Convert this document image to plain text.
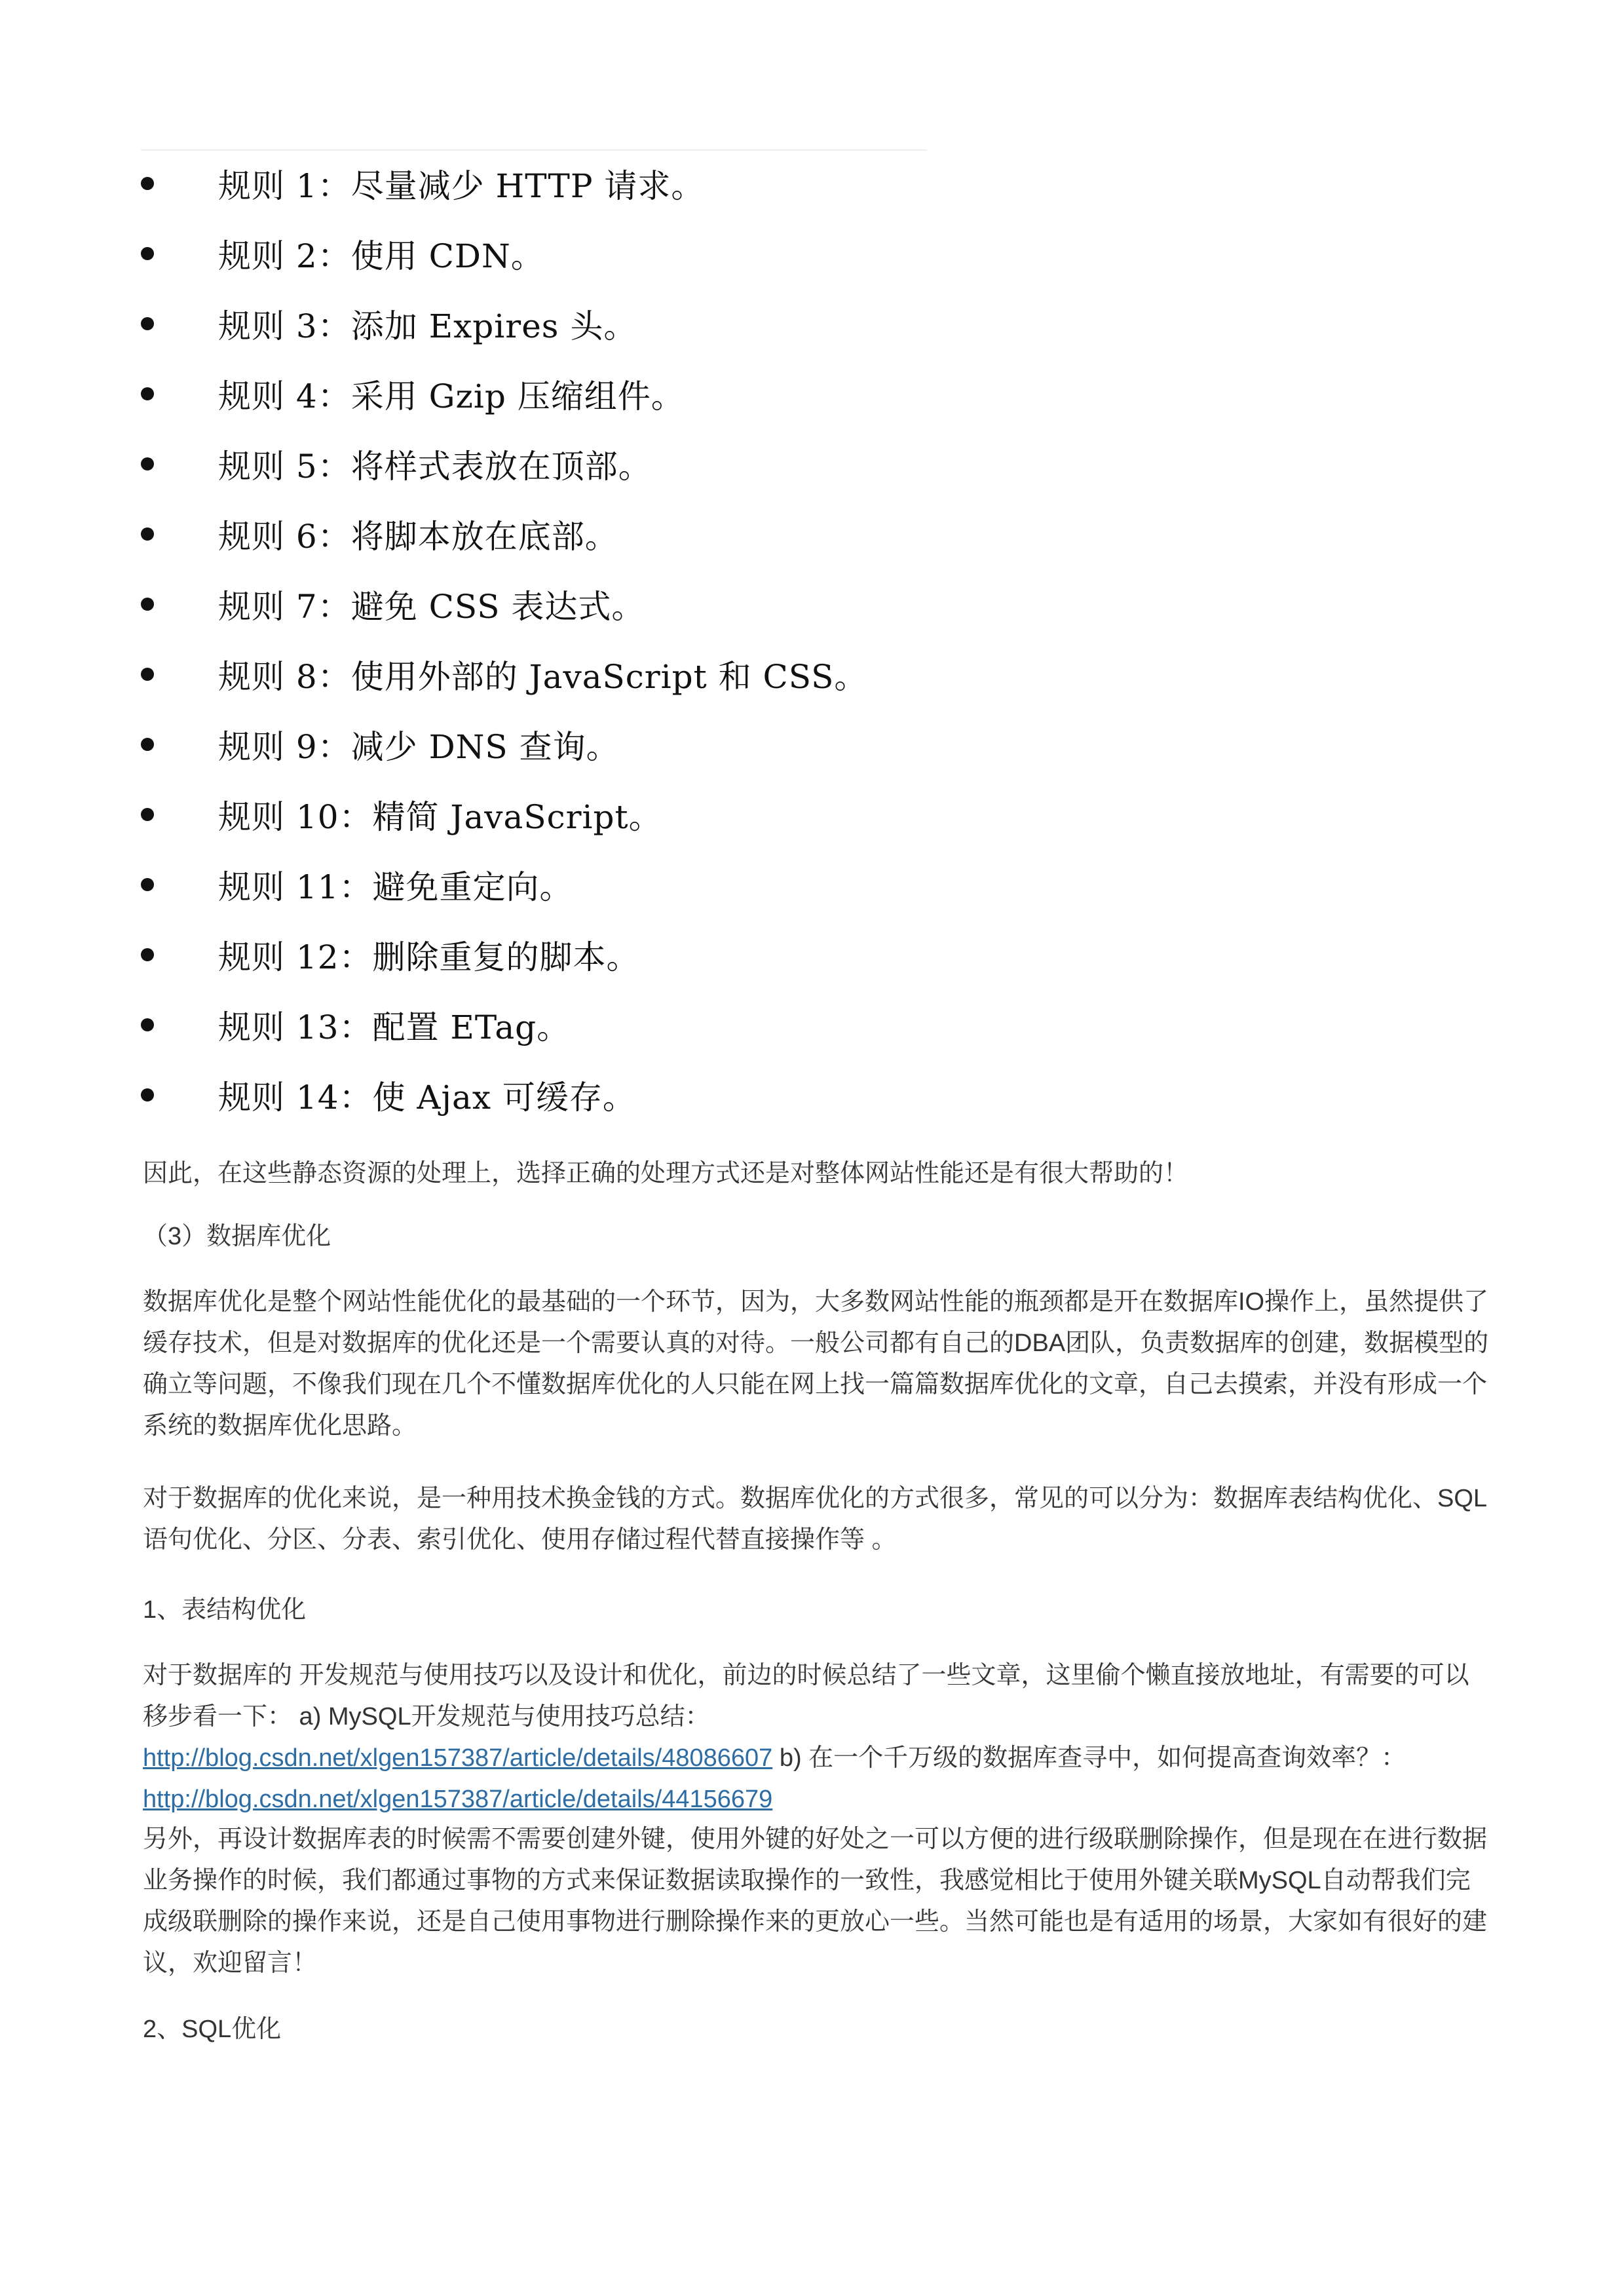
规则 1：尽量减少 HTTP 请求。
规则 2：使用 CDN。
规则 3：添加 Expires 头。
规则 4：采用 Gzip 压缩组件。
规则 5：将样式表放在顶部。
规则 6：将脚本放在底部。
规则 7：避免 CSS 表达式。
规则 8：使用外部的 JavaScript 和 CSS。
规则 9：减少 DNS 查询。
规则 10：精简 JavaScript。
规则 11：避免重定向。
规则 12：删除重复的脚本。
规则 13：配置 ETag。
规则 14：使 Ajax 可缓存。

因此，在这些静态资源的处理上，选择正确的处理方式还是对整体网站性能还是有很大帮助的！

（3）数据库优化

数据库优化是整个网站性能优化的最基础的一个环节，因为，大多数网站性能的瓶颈都是开在数据库IO操作上，虽然提供了缓存技术，但是对数据库的优化还是一个需要认真的对待。一般公司都有自己的DBA团队，负责数据库的创建，数据模型的确立等问题，不像我们现在几个不懂数据库优化的人只能在网上找一篇篇数据库优化的文章，自己去摸索，并没有形成一个系统的数据库优化思路。

对于数据库的优化来说，是一种用技术换金钱的方式。数据库优化的方式很多，常见的可以分为：数据库表结构优化、SQL语句优化、分区、分表、索引优化、使用存储过程代替直接操作等 。

1、表结构优化

对于数据库的 开发规范与使用技巧以及设计和优化，前边的时候总结了一些文章，这里偷个懒直接放地址，有需要的可以移步看一下： a) MySQL开发规范与使用技巧总结：
http://blog.csdn.net/xlgen157387/article/details/48086607 b) 在一个千万级的数据库查寻中，如何提高查询效率？： http://blog.csdn.net/xlgen157387/article/details/44156679

另外，再设计数据库表的时候需不需要创建外键，使用外键的好处之一可以方便的进行级联删除操作，但是现在在进行数据业务操作的时候，我们都通过事物的方式来保证数据读取操作的一致性，我感觉相比于使用外键关联MySQL自动帮我们完成级联删除的操作来说，还是自己使用事物进行删除操作来的更放心一些。当然可能也是有适用的场景，大家如有很好的建议，欢迎留言！

2、SQL优化
